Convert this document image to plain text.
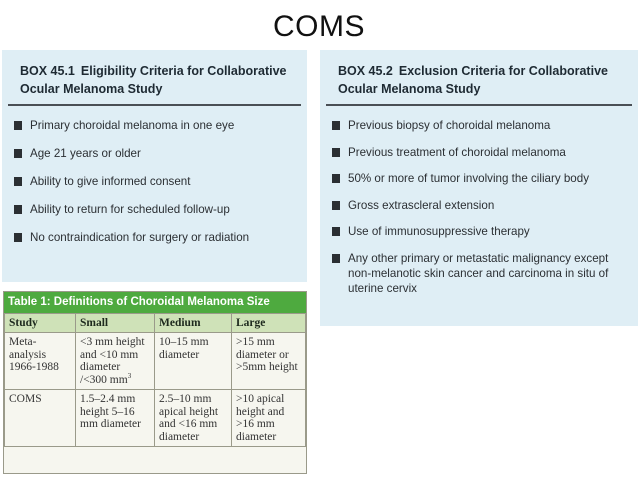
COMS
BOX 45.1 Eligibility Criteria for Collaborative Ocular Melanoma Study
Primary choroidal melanoma in one eye
Age 21 years or older
Ability to give informed consent
Ability to return for scheduled follow-up
No contraindication for surgery or radiation
BOX 45.2 Exclusion Criteria for Collaborative Ocular Melanoma Study
Previous biopsy of choroidal melanoma
Previous treatment of choroidal melanoma
50% or more of tumor involving the ciliary body
Gross extrascleral extension
Use of immunosuppressive therapy
Any other primary or metastatic malignancy except non-melanotic skin cancer and carcinoma in situ of uterine cervix
Table 1: Definitions of Choroidal Melanoma Size
Study	Small	Medium	Large
Meta-analysis 1966-1988	<3 mm height and <10 mm diameter /<300 $mm^3$	10–15 mm diameter	>15 mm diameter or >5mm height
COMS	1.5–2.4 mm height 5–16 mm diameter	2.5–10 mm apical height and <16 mm diameter	>10 apical height and >16 mm diameter
